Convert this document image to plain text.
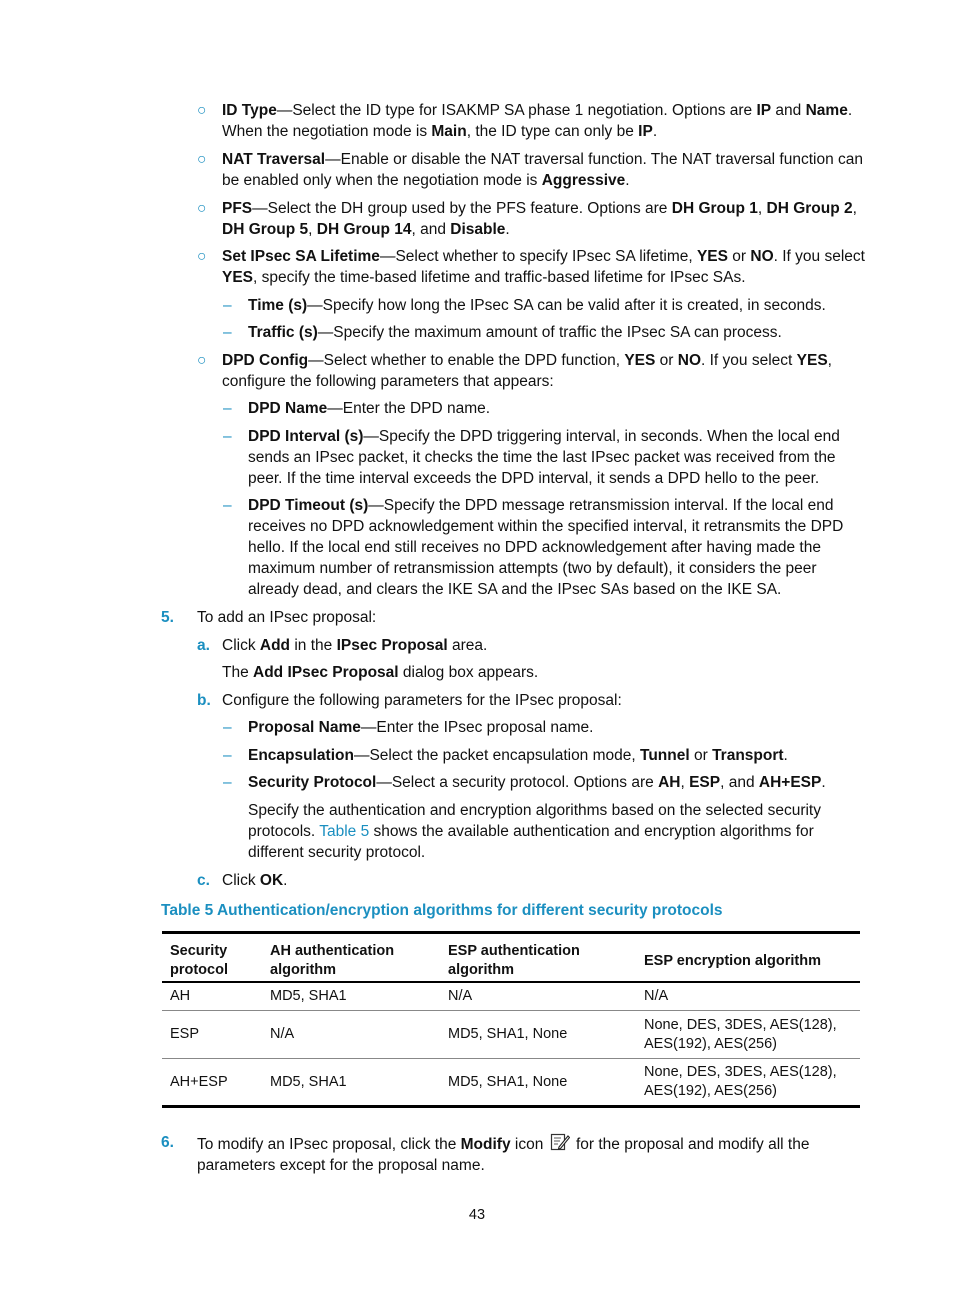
○ ID Type—Select the ID type for ISAKMP SA phase 1 negotiation. Options are IP and Name. When the negotiation mode is Main, the ID type can only be IP.
○ NAT Traversal—Enable or disable the NAT traversal function. The NAT traversal function can be enabled only when the negotiation mode is Aggressive.
○ PFS—Select the DH group used by the PFS feature. Options are DH Group 1, DH Group 2, DH Group 5, DH Group 14, and Disable.
○ Set IPsec SA Lifetime—Select whether to specify IPsec SA lifetime, YES or NO. If you select YES, specify the time-based lifetime and traffic-based lifetime for IPsec SAs.
– Time (s)—Specify how long the IPsec SA can be valid after it is created, in seconds.
– Traffic (s)—Specify the maximum amount of traffic the IPsec SA can process.
○ DPD Config—Select whether to enable the DPD function, YES or NO. If you select YES, configure the following parameters that appears:
– DPD Name—Enter the DPD name.
– DPD Interval (s)—Specify the DPD triggering interval, in seconds. When the local end sends an IPsec packet, it checks the time the last IPsec packet was received from the peer. If the time interval exceeds the DPD interval, it sends a DPD hello to the peer.
– DPD Timeout (s)—Specify the DPD message retransmission interval. If the local end receives no DPD acknowledgement within the specified interval, it retransmits the DPD hello. If the local end still receives no DPD acknowledgement after having made the maximum number of retransmission attempts (two by default), it considers the peer already dead, and clears the IKE SA and the IPsec SAs based on the IKE SA.
5. To add an IPsec proposal:
a. Click Add in the IPsec Proposal area.
The Add IPsec Proposal dialog box appears.
b. Configure the following parameters for the IPsec proposal:
– Proposal Name—Enter the IPsec proposal name.
– Encapsulation—Select the packet encapsulation mode, Tunnel or Transport.
– Security Protocol—Select a security protocol. Options are AH, ESP, and AH+ESP.
Specify the authentication and encryption algorithms based on the selected security protocols. Table 5 shows the available authentication and encryption algorithms for different security protocol.
c. Click OK.
Table 5 Authentication/encryption algorithms for different security protocols
Security protocol	AH authentication algorithm	ESP authentication algorithm	ESP encryption algorithm
AH	MD5, SHA1	N/A	N/A
ESP	N/A	MD5, SHA1, None	None, DES, 3DES, AES(128), AES(192), AES(256)
AH+ESP	MD5, SHA1	MD5, SHA1, None	None, DES, 3DES, AES(128), AES(192), AES(256)
6. To modify an IPsec proposal, click the Modify icon for the proposal and modify all the parameters except for the proposal name.
43
